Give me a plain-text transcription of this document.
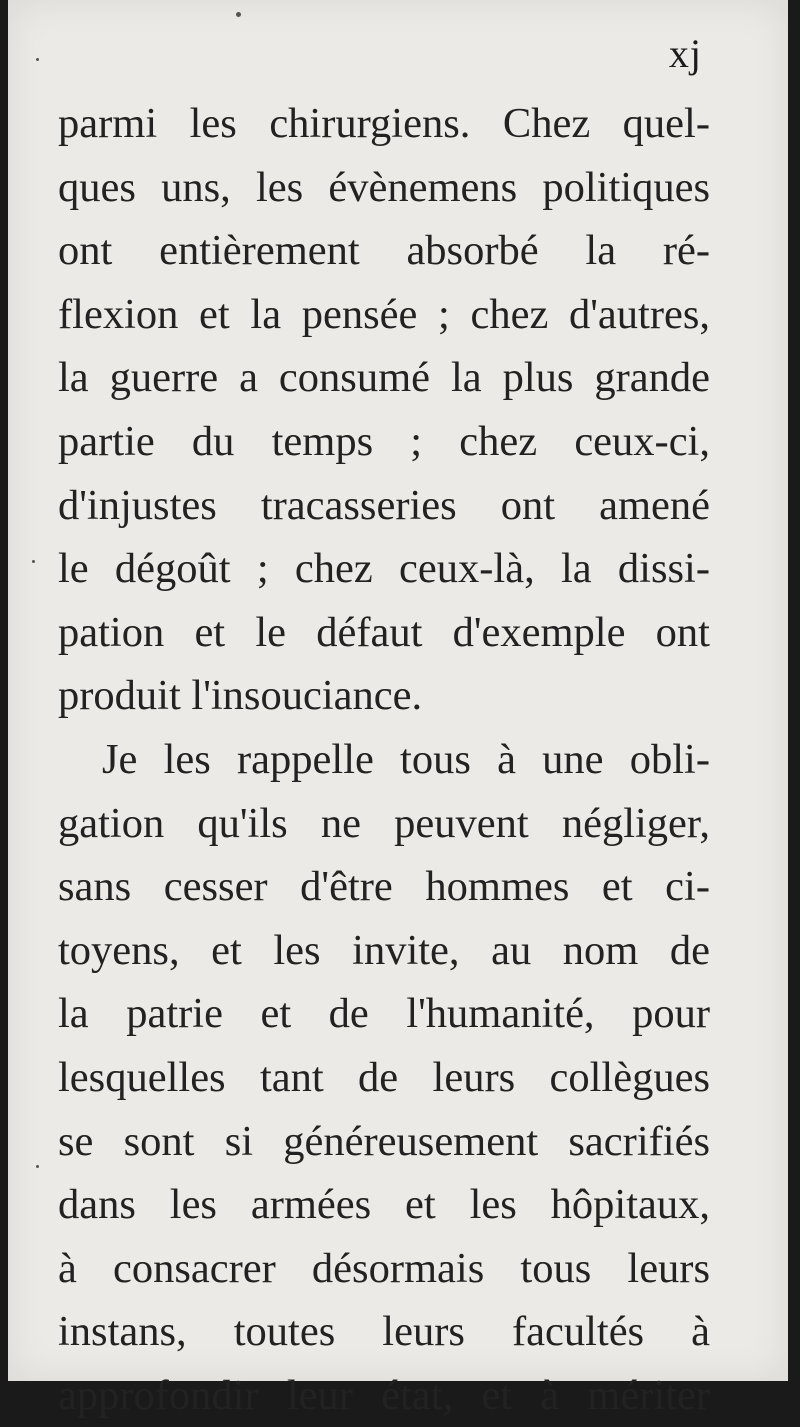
xj
parmi les chirurgiens. Chez quel-
ques uns, les évènemens politiques
ont entièrement absorbé la ré-
flexion et la pensée ; chez d'autres,
la guerre a consumé la plus grande
partie du temps ; chez ceux-ci,
d'injustes tracasseries ont amené
le dégoût ; chez ceux-là, la dissi-
pation et le défaut d'exemple ont
produit l'insouciance.
Je les rappelle tous à une obli-
gation qu'ils ne peuvent négliger,
sans cesser d'être hommes et ci-
toyens, et les invite, au nom de
la patrie et de l'humanité, pour
lesquelles tant de leurs collègues
se sont si généreusement sacrifiés
dans les armées et les hôpitaux,
à consacrer désormais tous leurs
instans, toutes leurs facultés à
approfondir leur état, et à mériter
